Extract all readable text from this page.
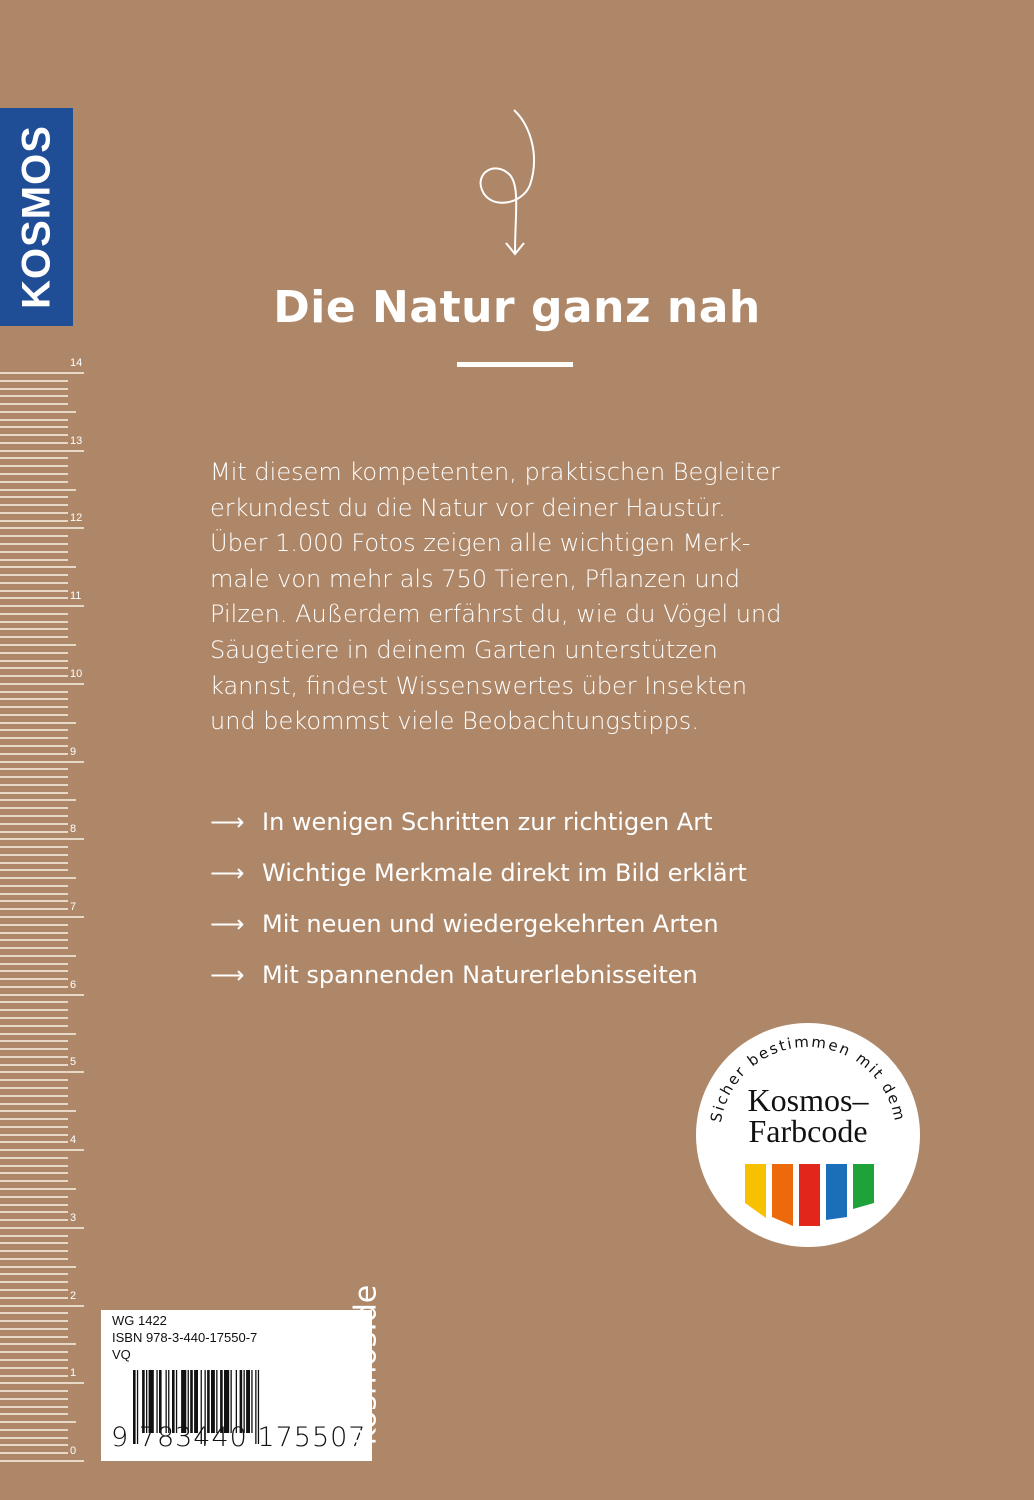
KOSMOS
0
1
2
3
4
5
6
7
8
9
10
11
12
13
14
Die Natur ganz nah
Mit diesem kompetenten, praktischen Begleiter
erkundest du die Natur vor deiner Haustür.
Über 1.000 Fotos zeigen alle wichtigen Merk-
male von mehr als 750 Tieren, Pflanzen und
Pilzen. Außerdem erfährst du, wie du Vögel und
Säugetiere in deinem Garten unterstützen
kannst, findest Wissenswertes über Insekten
und bekommst viele Beobachtungstipps.
⟶ In wenigen Schritten zur richtigen Art
⟶ Wichtige Merkmale direkt im Bild erklärt
⟶ Mit neuen und wiedergekehrten Arten
⟶ Mit spannenden Naturerlebnisseiten
Sicher bestimmen mit dem
Kosmos–
Farbcode
WG 1422
ISBN 978-3-440-17550-7
VQ
9 783440 175507
kosmos.de
